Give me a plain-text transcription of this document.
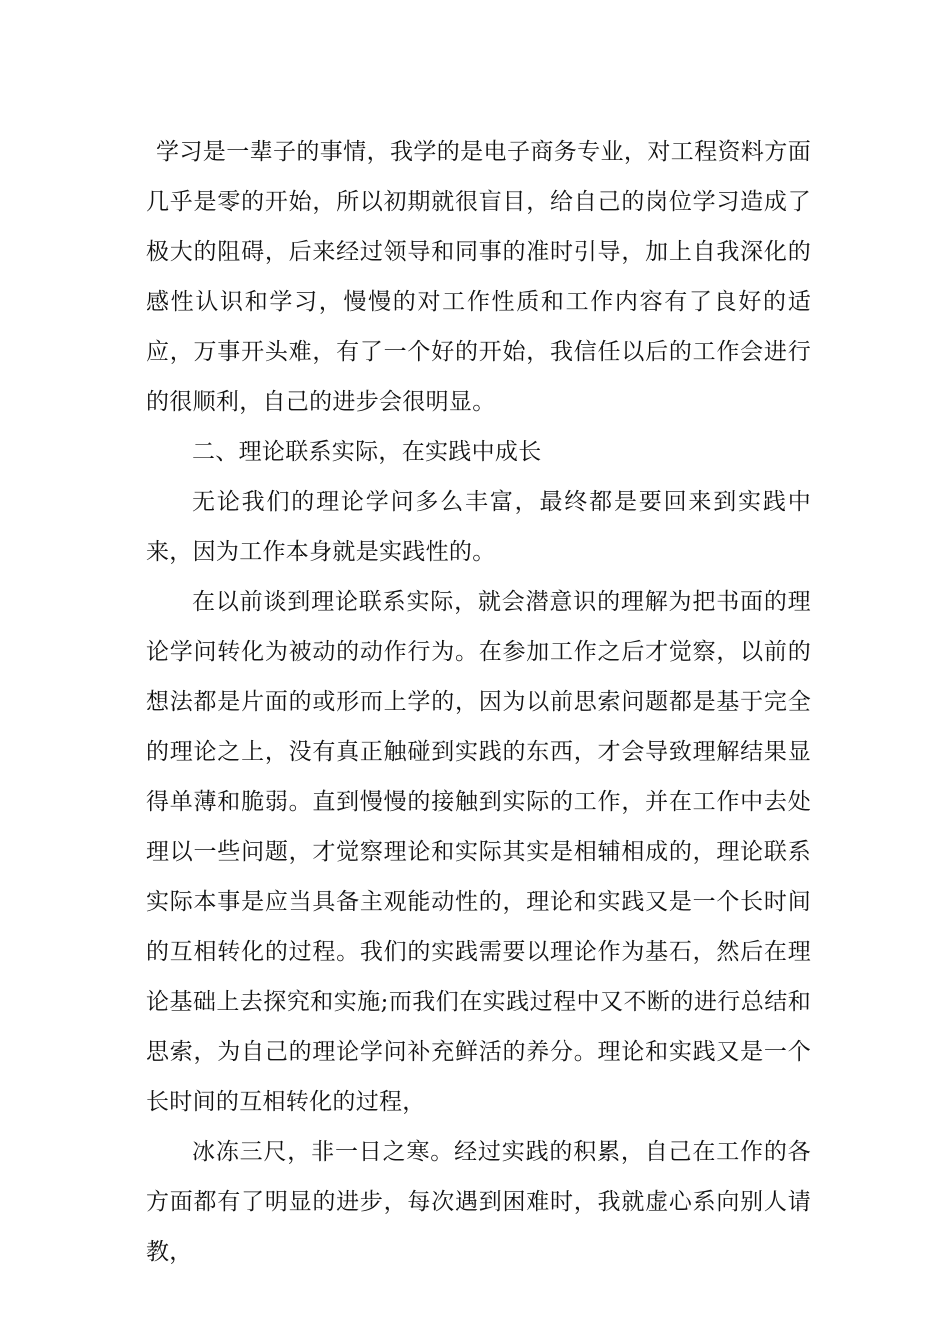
学习是一辈子的事情，我学的是电子商务专业，对工程资料方面几乎是零的开始，所以初期就很盲目，给自己的岗位学习造成了极大的阻碍，后来经过领导和同事的准时引导，加上自我深化的感性认识和学习，慢慢的对工作性质和工作内容有了良好的适应，万事开头难，有了一个好的开始，我信任以后的工作会进行的很顺利，自己的进步会很明显。

二、理论联系实际，在实践中成长

无论我们的理论学问多么丰富，最终都是要回来到实践中来，因为工作本身就是实践性的。

在以前谈到理论联系实际，就会潜意识的理解为把书面的理论学问转化为被动的动作行为。在参加工作之后才觉察，以前的想法都是片面的或形而上学的，因为以前思索问题都是基于完全的理论之上，没有真正触碰到实践的东西，才会导致理解结果显得单薄和脆弱。直到慢慢的接触到实际的工作，并在工作中去处理以一些问题，才觉察理论和实际其实是相辅相成的，理论联系实际本事是应当具备主观能动性的，理论和实践又是一个长时间的互相转化的过程。我们的实践需要以理论作为基石，然后在理论基础上去探究和实施;而我们在实践过程中又不断的进行总结和思索，为自己的理论学问补充鲜活的养分。理论和实践又是一个长时间的互相转化的过程，

冰冻三尺，非一日之寒。经过实践的积累，自己在工作的各方面都有了明显的进步，每次遇到困难时，我就虚心系向别人请教，
